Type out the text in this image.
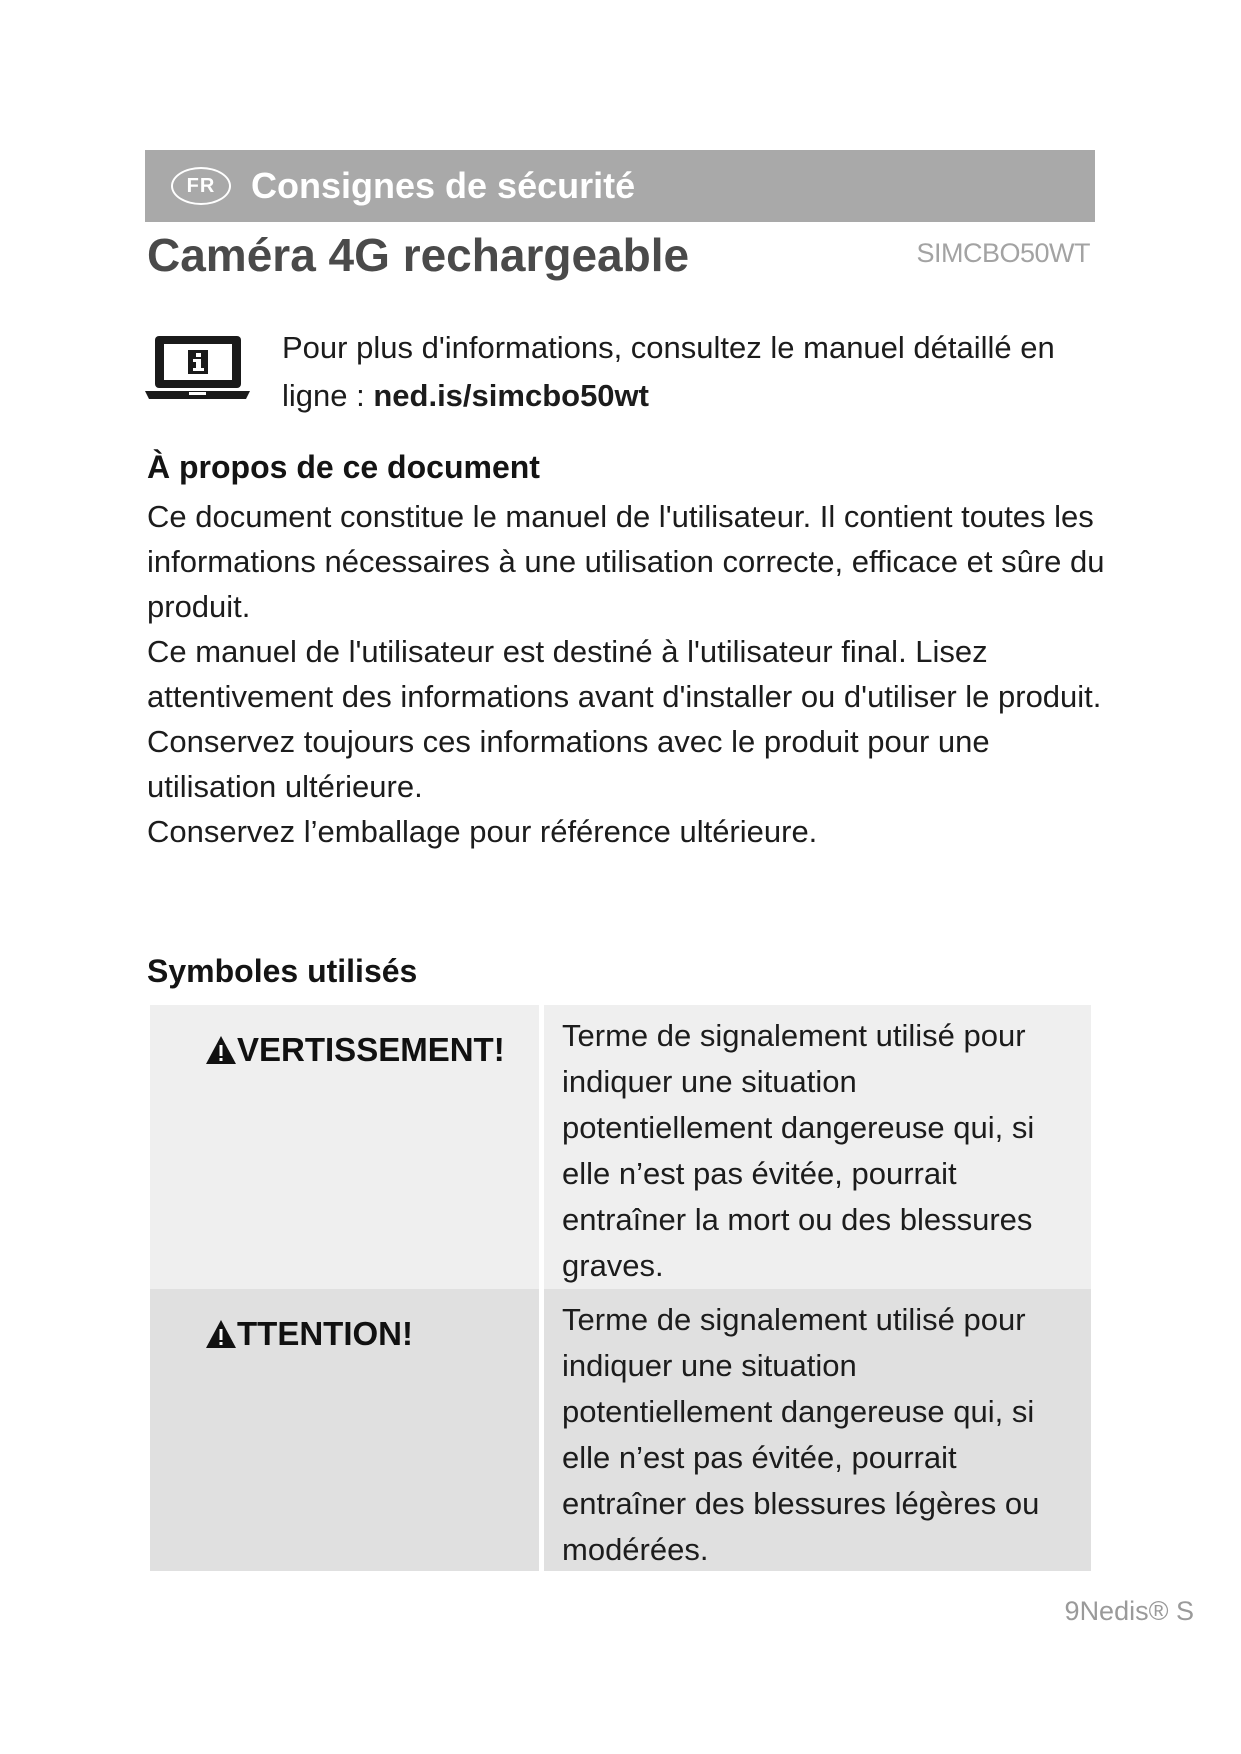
FR Consignes de sécurité
Caméra 4G rechargeable	SIMCBO50WT
Pour plus d'informations, consultez le manuel détaillé en ligne : ned.is/simcbo50wt
À propos de ce document

Ce document constitue le manuel de l'utilisateur. Il contient toutes les informations nécessaires à une utilisation correcte, efficace et sûre du produit.

Ce manuel de l'utilisateur est destiné à l'utilisateur final. Lisez attentivement des informations avant d'installer ou d'utiliser le produit.

Conservez toujours ces informations avec le produit pour une utilisation ultérieure.

Conservez l’emballage pour référence ultérieure.

Symboles utilisés
VERTISSEMENT!	Terme de signalement utilisé pour indiquer une situation potentiellement dangereuse qui, si elle n’est pas évitée, pourrait entraîner la mort ou des blessures graves.
TTENTION!	Terme de signalement utilisé pour indiquer une situation potentiellement dangereuse qui, si elle n’est pas évitée, pourrait entraîner des blessures légères ou modérées.
9Nedis® S
